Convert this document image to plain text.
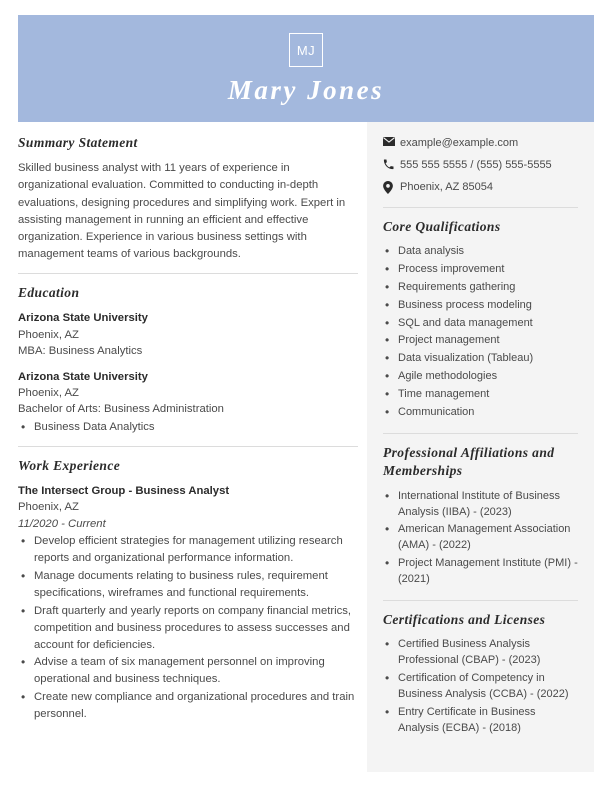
MJ
Mary Jones
Summary Statement

Skilled business analyst with 11 years of experience in organizational evaluation. Committed to conducting in-depth evaluations, designing procedures and simplifying work. Expert in assisting management in running an efficient and effective organization. Experience in various business settings with management teams of various backgrounds.

Education
Arizona State University
Phoenix, AZ
MBA: Business Analytics
Arizona State University
Phoenix, AZ
Bachelor of Arts: Business Administration
• Business Data Analytics
Work Experience
The Intersect Group - Business Analyst
Phoenix, AZ
11/2020 - Current
• Develop efficient strategies for management utilizing research reports and organizational performance information.
• Manage documents relating to business rules, requirement specifications, wireframes and functional requirements.
• Draft quarterly and yearly reports on company financial metrics, competition and business procedures to assess successes and account for deficiencies.
• Advise a team of six management personnel on improving operational and business techniques.
• Create new compliance and organizational procedures and train personnel.
example@example.com
555 555 5555 / (555) 555-5555
Phoenix, AZ 85054
Core Qualifications
• Data analysis
• Process improvement
• Requirements gathering
• Business process modeling
• SQL and data management
• Project management
• Data visualization (Tableau)
• Agile methodologies
• Time management
• Communication
Professional Affiliations and Memberships
• International Institute of Business Analysis (IIBA) - (2023)
• American Management Association (AMA) - (2022)
• Project Management Institute (PMI) - (2021)
Certifications and Licenses
• Certified Business Analysis Professional (CBAP) - (2023)
• Certification of Competency in Business Analysis (CCBA) - (2022)
• Entry Certificate in Business Analysis (ECBA) - (2018)
